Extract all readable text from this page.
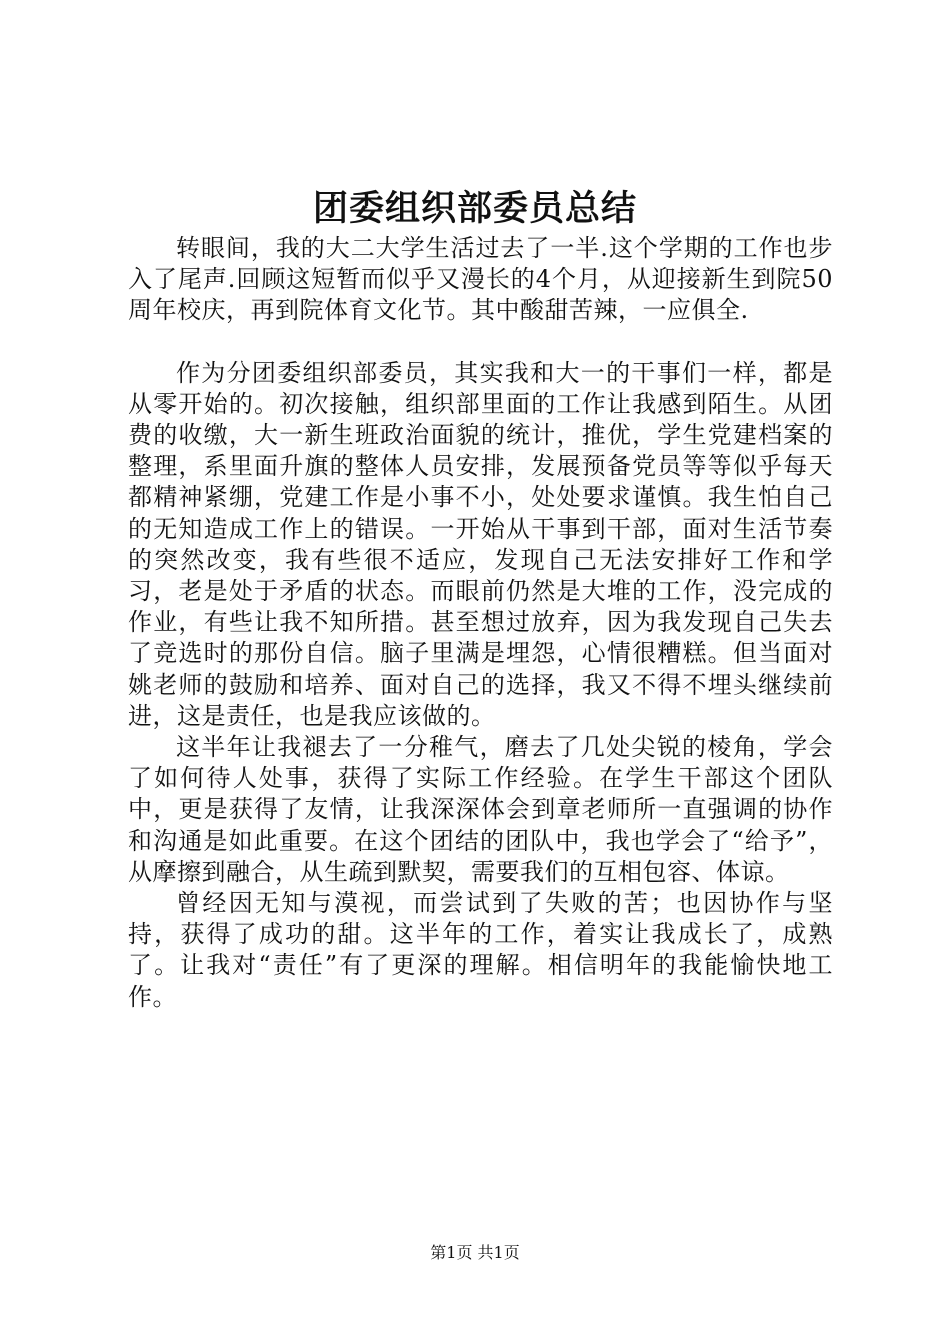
团委组织部委员总结

转眼间，我的大二大学生活过去了一半.这个学期的工作也步入了尾声.回顾这短暂而似乎又漫长的4个月，从迎接新生到院50周年校庆，再到院体育文化节。其中酸甜苦辣，一应俱全.

作为分团委组织部委员，其实我和大一的干事们一样，都是从零开始的。初次接触，组织部里面的工作让我感到陌生。从团费的收缴，大一新生班政治面貌的统计，推优，学生党建档案的整理，系里面升旗的整体人员安排，发展预备党员等等似乎每天都精神紧绷，党建工作是小事不小，处处要求谨慎。我生怕自己的无知造成工作上的错误。一开始从干事到干部，面对生活节奏的突然改变，我有些很不适应，发现自己无法安排好工作和学习，老是处于矛盾的状态。而眼前仍然是大堆的工作，没完成的作业，有些让我不知所措。甚至想过放弃，因为我发现自己失去了竞选时的那份自信。脑子里满是埋怨，心情很糟糕。但当面对姚老师的鼓励和培养、面对自己的选择，我又不得不埋头继续前进，这是责任，也是我应该做的。

这半年让我褪去了一分稚气，磨去了几处尖锐的棱角，学会了如何待人处事，获得了实际工作经验。在学生干部这个团队中，更是获得了友情，让我深深体会到章老师所一直强调的协作和沟通是如此重要。在这个团结的团队中，我也学会了“给予”，从摩擦到融合，从生疏到默契，需要我们的互相包容、体谅。

曾经因无知与漠视，而尝试到了失败的苦；也因协作与坚持，获得了成功的甜。这半年的工作，着实让我成长了，成熟了。让我对“责任”有了更深的理解。相信明年的我能愉快地工作。

第1页 共1页
